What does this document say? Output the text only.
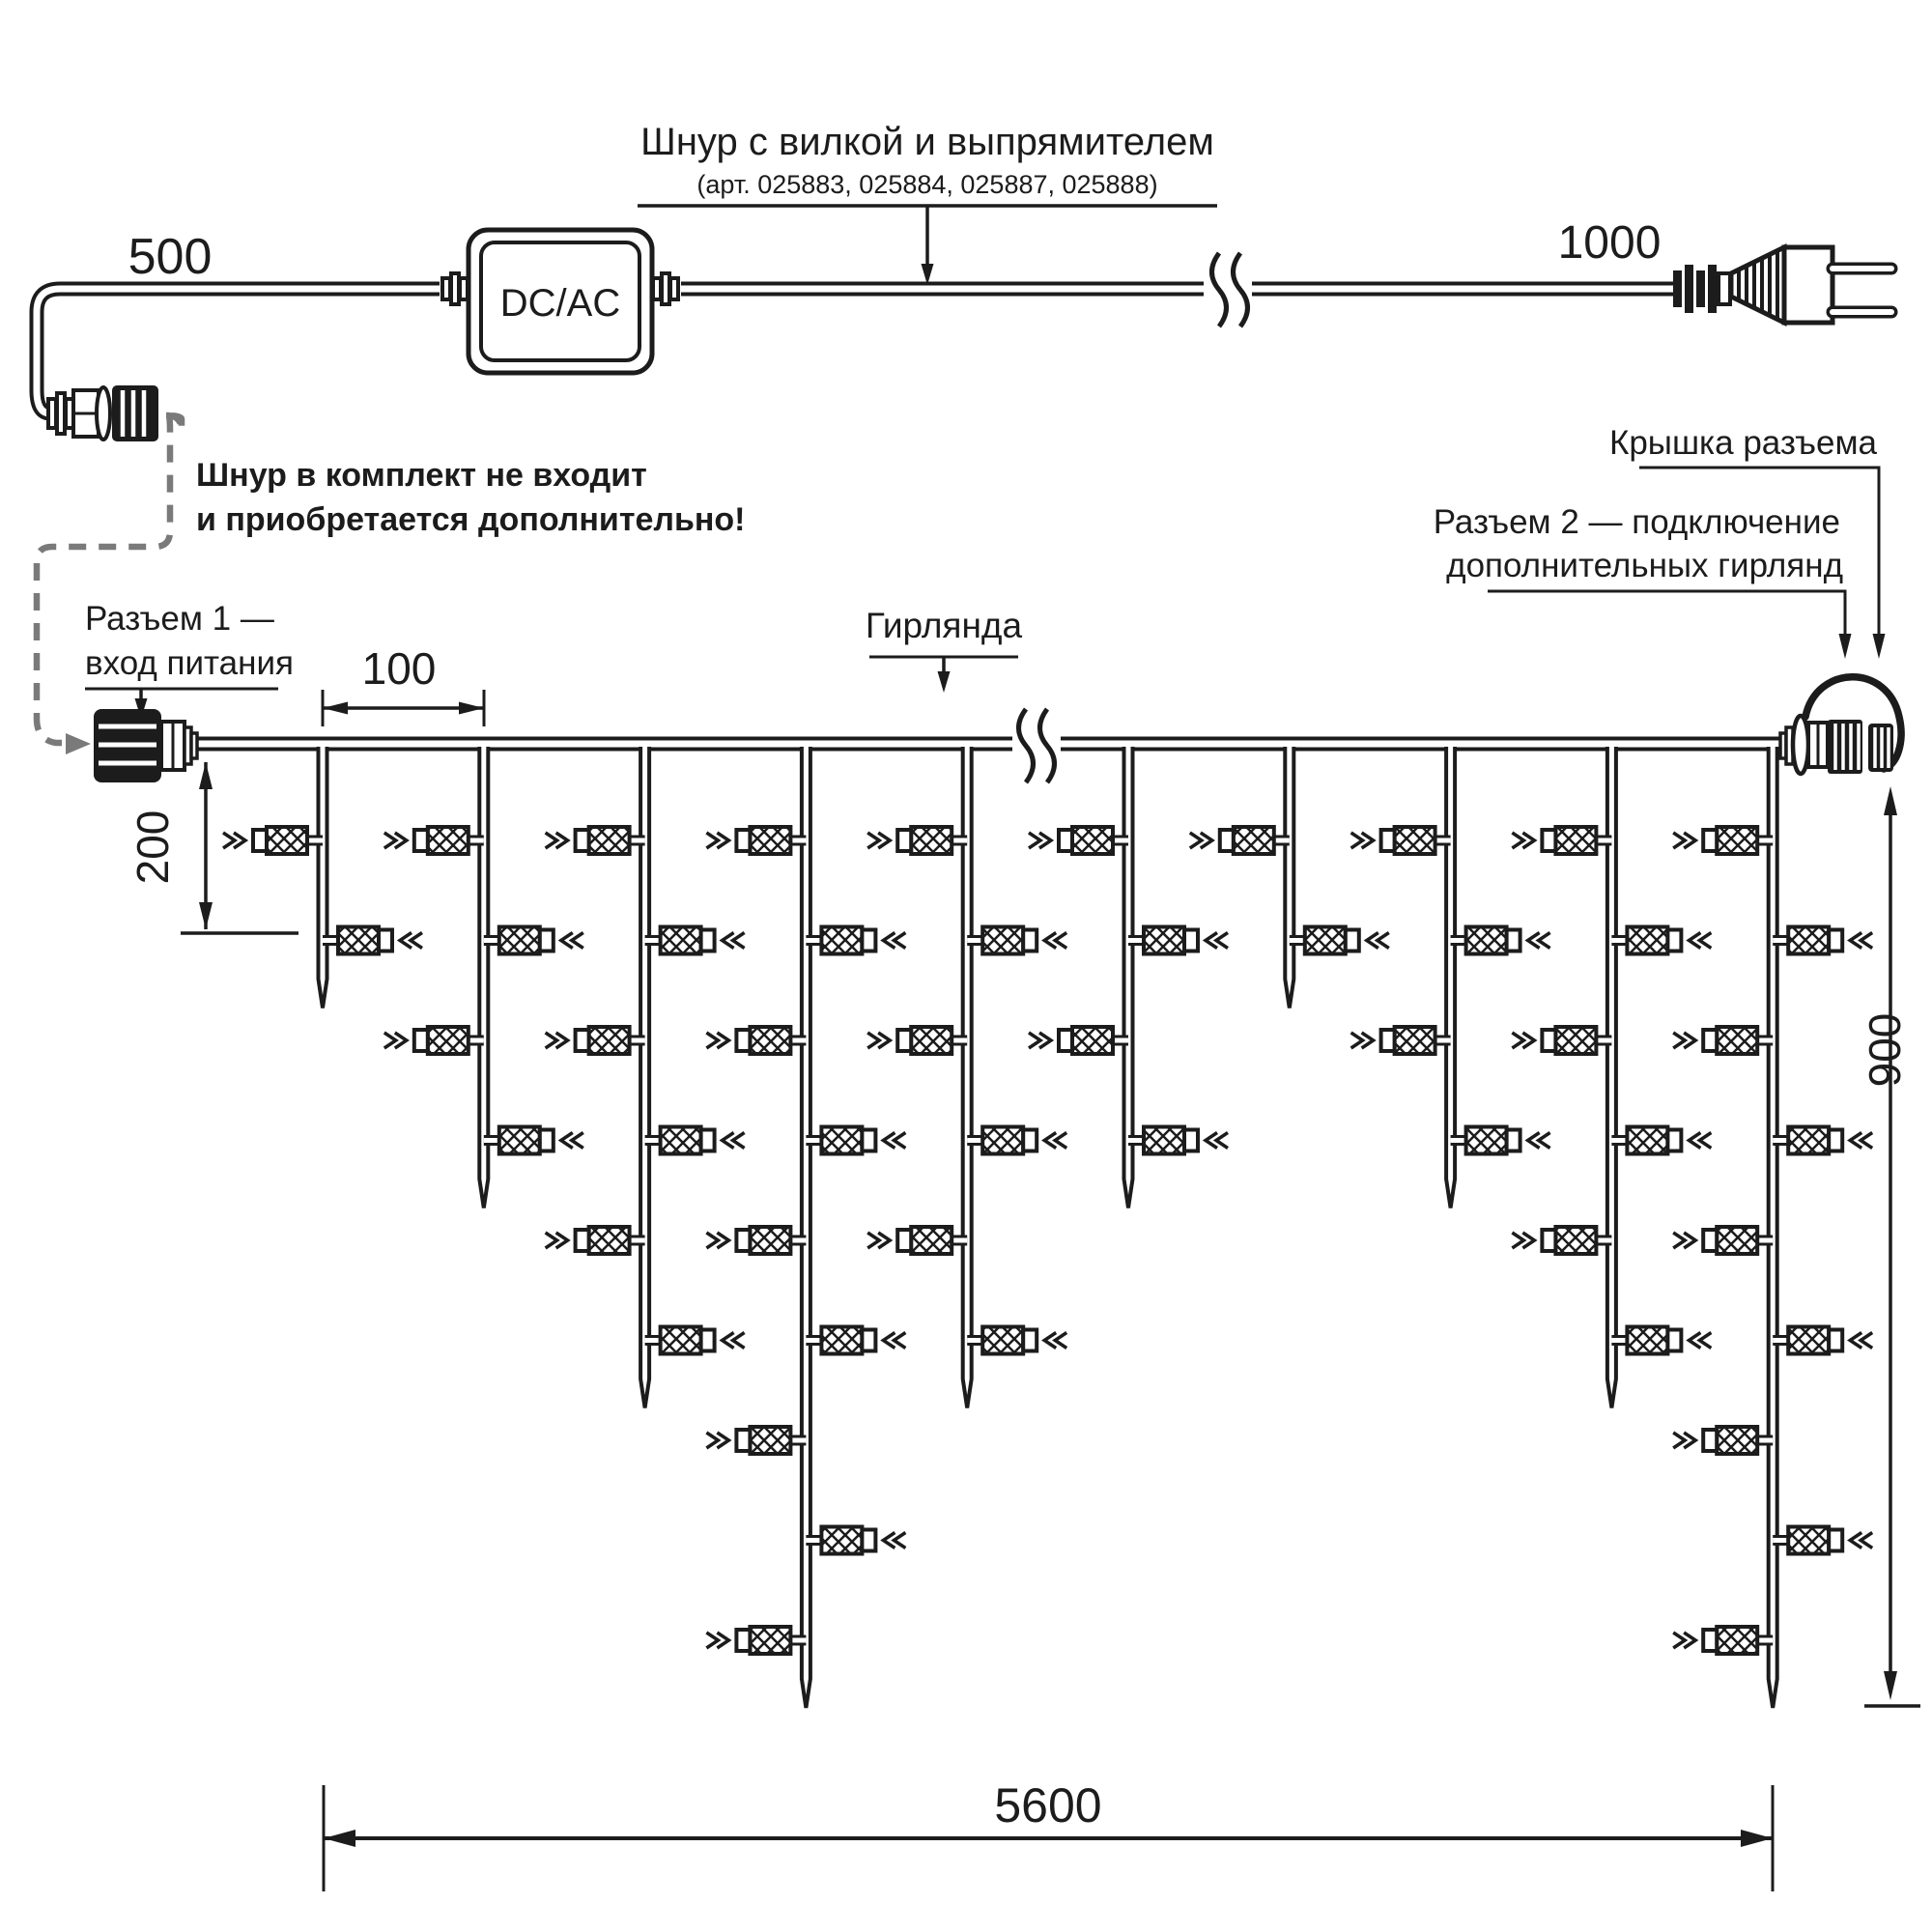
DC/AC
500	1000
100
200
900
5600
Шнур с вилкой и выпрямителем
(арт. 025883, 025884, 025887, 025888)
Шнур в комплект не входит
и приобретается дополнительно!
Разъем 1 —
вход питания
Гирлянда
Крышка разъема
Разъем 2 — подключение
дополнительных гирлянд
